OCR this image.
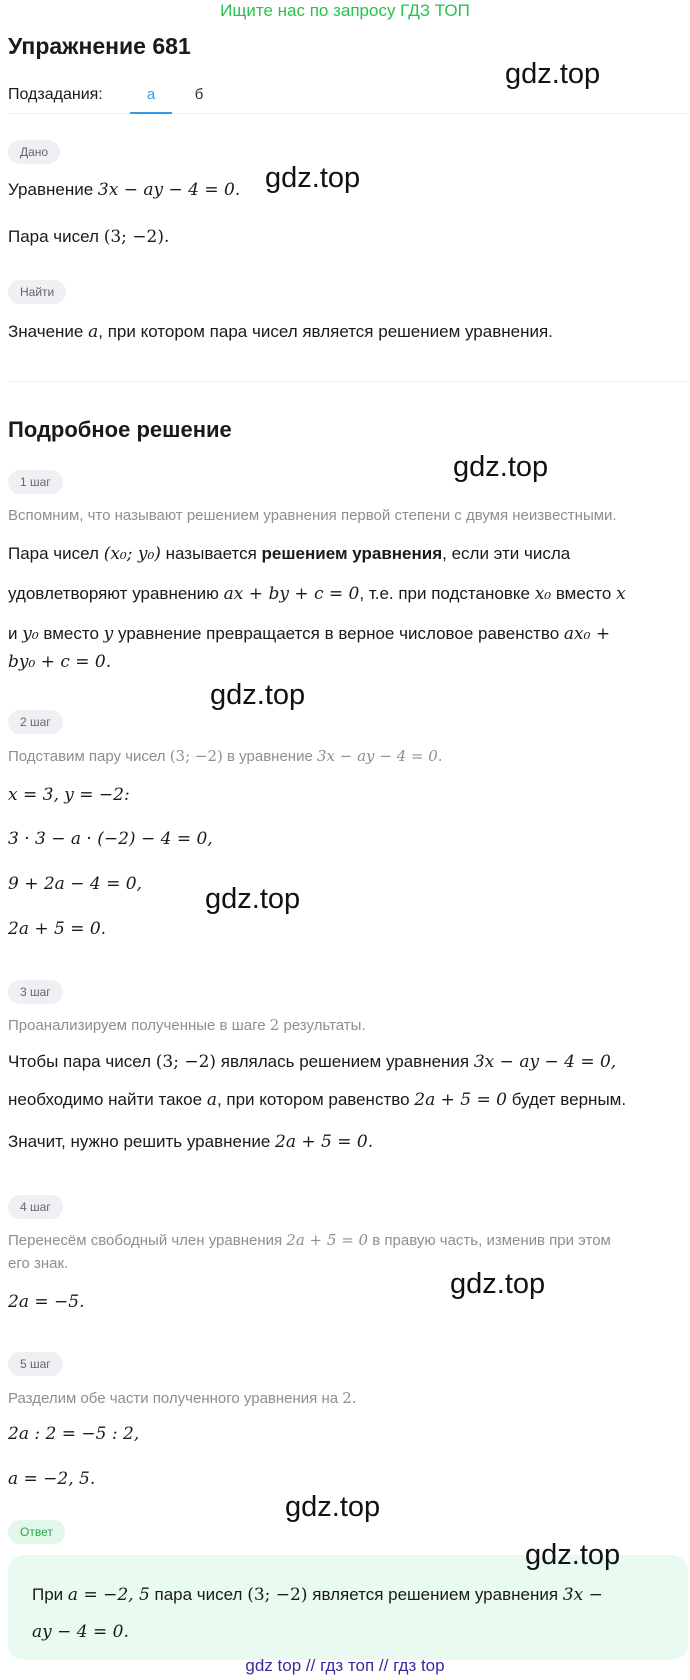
Ищите нас по запросу ГДЗ ТОП
Упражнение 681
Подзадания:	а	б
Дано
Уравнение 3x − ay − 4 = 0.
Пара чисел (3; −2).
Найти
Значение a, при котором пара чисел является решением уравнения.
Подробное решение
1 шаг
Вспомним, что называют решением уравнения первой степени с двумя неизвестными.
Пара чисел (x₀; y₀) называется решением уравнения, если эти числа
удовлетворяют уравнению ax + by + c = 0, т.е. при подстановке x₀ вместо x
и y₀ вместо y уравнение превращается в верное числовое равенство ax₀ +
by₀ + c = 0.
2 шаг
Подставим пару чисел (3; −2) в уравнение 3x − ay − 4 = 0.
x = 3, y = −2:
3 · 3 − a · (−2) − 4 = 0,
9 + 2a − 4 = 0,
2a + 5 = 0.
3 шаг
Проанализируем полученные в шаге 2 результаты.
Чтобы пара чисел (3; −2) являлась решением уравнения 3x − ay − 4 = 0,
необходимо найти такое a, при котором равенство 2a + 5 = 0 будет верным.
Значит, нужно решить уравнение 2a + 5 = 0.
4 шаг
Перенесём свободный член уравнения 2a + 5 = 0 в правую часть, изменив при этом
его знак.
2a = −5.
5 шаг
Разделим обе части полученного уравнения на 2.
2a : 2 = −5 : 2,
a = −2, 5.
Ответ
При a = −2, 5 пара чисел (3; −2) является решением уравнения 3x −
ay − 4 = 0.
gdz.top
gdz.top
gdz.top
gdz.top
gdz.top
gdz.top
gdz.top
gdz.top
gdz top // гдз топ // гдз top
